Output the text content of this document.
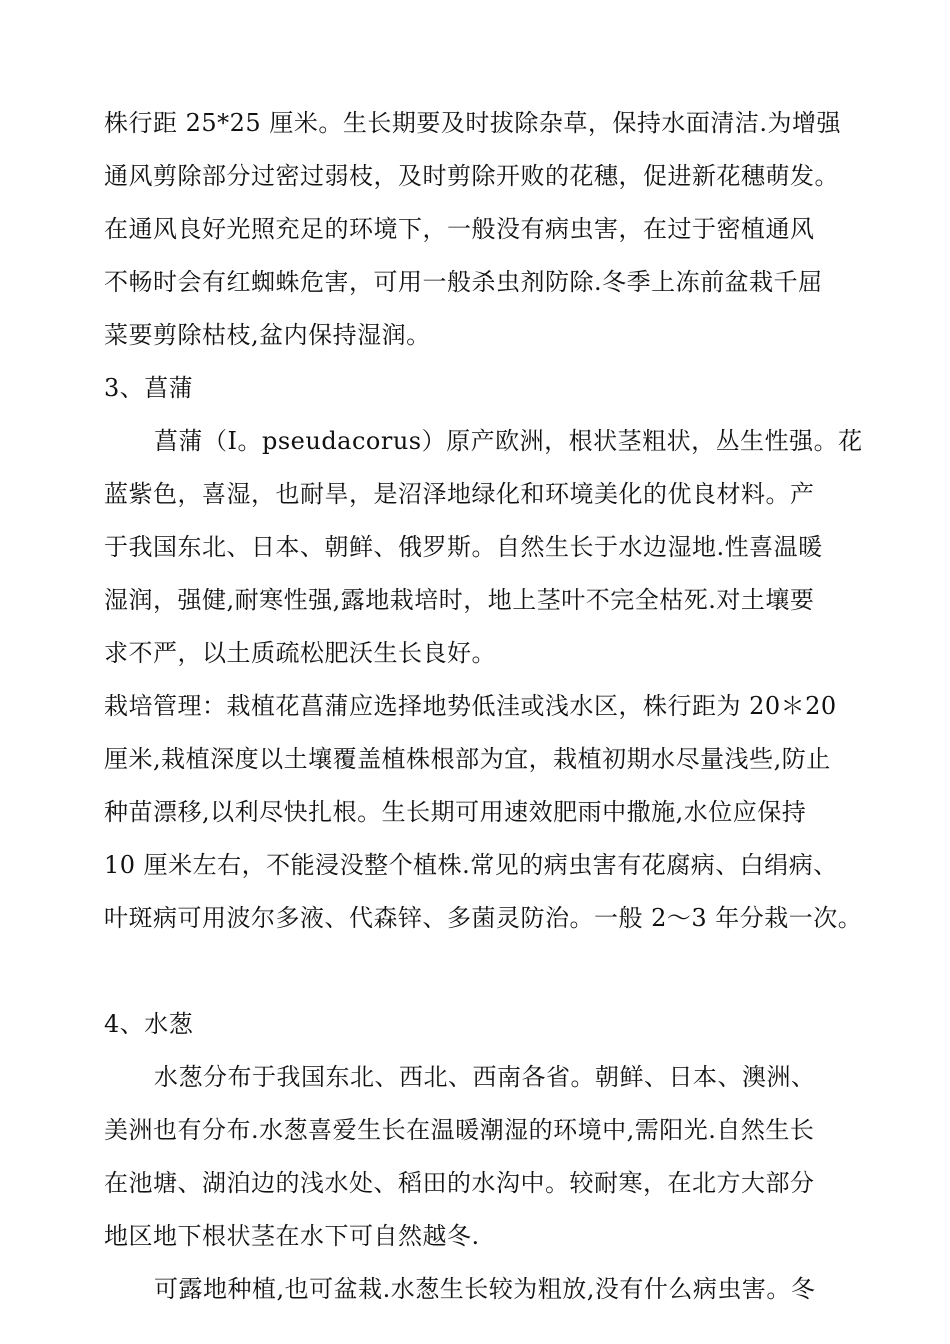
株行距 25*25 厘米。生长期要及时拔除杂草，保持水面清洁.为增强
通风剪除部分过密过弱枝，及时剪除开败的花穗，促进新花穗萌发。
在通风良好光照充足的环境下，一般没有病虫害，在过于密植通风
不畅时会有红蜘蛛危害，可用一般杀虫剂防除.冬季上冻前盆栽千屈
菜要剪除枯枝,盆内保持湿润。
3、菖蒲
菖蒲（I。pseudacorus）原产欧洲，根状茎粗状，丛生性强。花
蓝紫色，喜湿，也耐旱，是沼泽地绿化和环境美化的优良材料。产
于我国东北、日本、朝鲜、俄罗斯。自然生长于水边湿地.性喜温暖
湿润，强健,耐寒性强,露地栽培时，地上茎叶不完全枯死.对土壤要
求不严，以土质疏松肥沃生长良好。
栽培管理：栽植花菖蒲应选择地势低洼或浅水区，株行距为 20＊20
厘米,栽植深度以土壤覆盖植株根部为宜，栽植初期水尽量浅些,防止
种苗漂移,以利尽快扎根。生长期可用速效肥雨中撒施,水位应保持
10 厘米左右，不能浸没整个植株.常见的病虫害有花腐病、白绢病、
叶斑病可用波尔多液、代森锌、多菌灵防治。一般 2～3 年分栽一次。
4、水葱
水葱分布于我国东北、西北、西南各省。朝鲜、日本、澳洲、
美洲也有分布.水葱喜爱生长在温暖潮湿的环境中,需阳光.自然生长
在池塘、湖泊边的浅水处、稻田的水沟中。较耐寒，在北方大部分
地区地下根状茎在水下可自然越冬.
可露地种植,也可盆栽.水葱生长较为粗放,没有什么病虫害。冬
